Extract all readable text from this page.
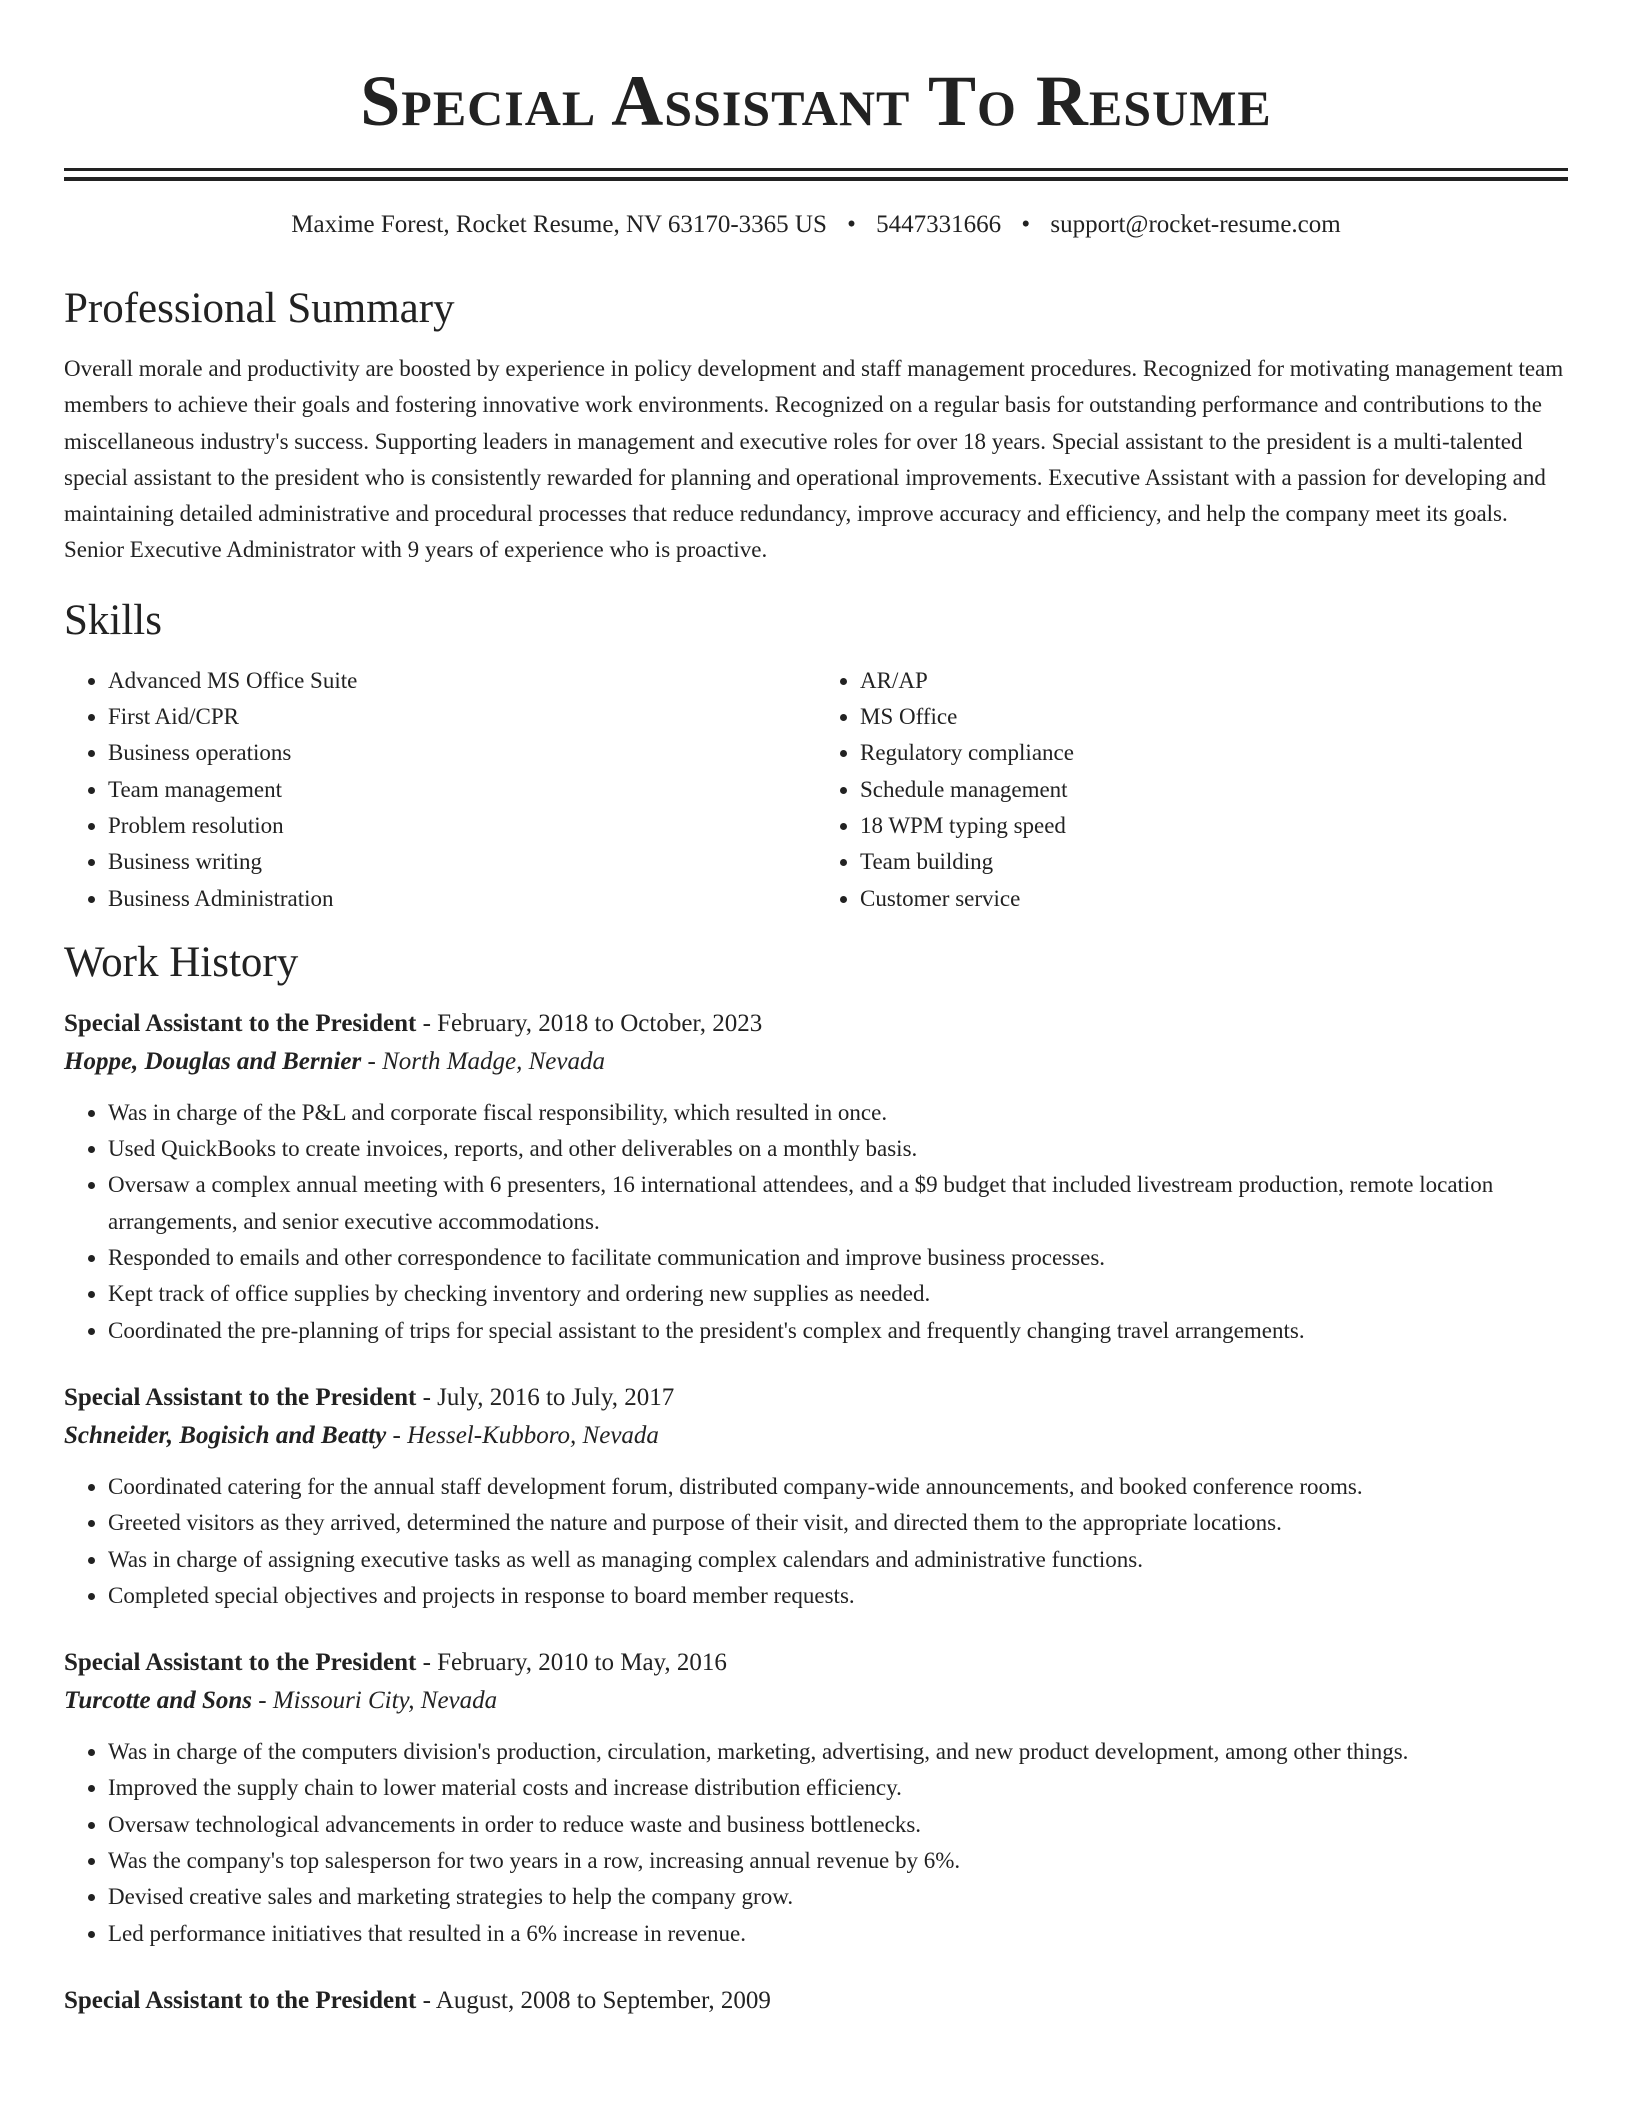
Special Assistant To Resume
Maxime Forest, Rocket Resume, NV 63170-3365 US • 5447331666 • support@rocket-resume.com
Professional Summary

Overall morale and productivity are boosted by experience in policy development and staff management procedures. Recognized for motivating management team members to achieve their goals and fostering innovative work environments. Recognized on a regular basis for outstanding performance and contributions to the miscellaneous industry's success. Supporting leaders in management and executive roles for over 18 years. Special assistant to the president is a multi-talented special assistant to the president who is consistently rewarded for planning and operational improvements. Executive Assistant with a passion for developing and maintaining detailed administrative and procedural processes that reduce redundancy, improve accuracy and efficiency, and help the company meet its goals. Senior Executive Administrator with 9 years of experience who is proactive.

Skills
• Advanced MS Office Suite
• First Aid/CPR
• Business operations
• Team management
• Problem resolution
• Business writing
• Business Administration
• AR/AP
• MS Office
• Regulatory compliance
• Schedule management
• 18 WPM typing speed
• Team building
• Customer service
Work History
Special Assistant to the President - February, 2018 to October, 2023
Hoppe, Douglas and Bernier - North Madge, Nevada
• Was in charge of the P&L and corporate fiscal responsibility, which resulted in once.
• Used QuickBooks to create invoices, reports, and other deliverables on a monthly basis.
• Oversaw a complex annual meeting with 6 presenters, 16 international attendees, and a $9 budget that included livestream production, remote location arrangements, and senior executive accommodations.
• Responded to emails and other correspondence to facilitate communication and improve business processes.
• Kept track of office supplies by checking inventory and ordering new supplies as needed.
• Coordinated the pre-planning of trips for special assistant to the president's complex and frequently changing travel arrangements.
Special Assistant to the President - July, 2016 to July, 2017
Schneider, Bogisich and Beatty - Hessel-Kubboro, Nevada
• Coordinated catering for the annual staff development forum, distributed company-wide announcements, and booked conference rooms.
• Greeted visitors as they arrived, determined the nature and purpose of their visit, and directed them to the appropriate locations.
• Was in charge of assigning executive tasks as well as managing complex calendars and administrative functions.
• Completed special objectives and projects in response to board member requests.
Special Assistant to the President - February, 2010 to May, 2016
Turcotte and Sons - Missouri City, Nevada
• Was in charge of the computers division's production, circulation, marketing, advertising, and new product development, among other things.
• Improved the supply chain to lower material costs and increase distribution efficiency.
• Oversaw technological advancements in order to reduce waste and business bottlenecks.
• Was the company's top salesperson for two years in a row, increasing annual revenue by 6%.
• Devised creative sales and marketing strategies to help the company grow.
• Led performance initiatives that resulted in a 6% increase in revenue.
Special Assistant to the President - August, 2008 to September, 2009
